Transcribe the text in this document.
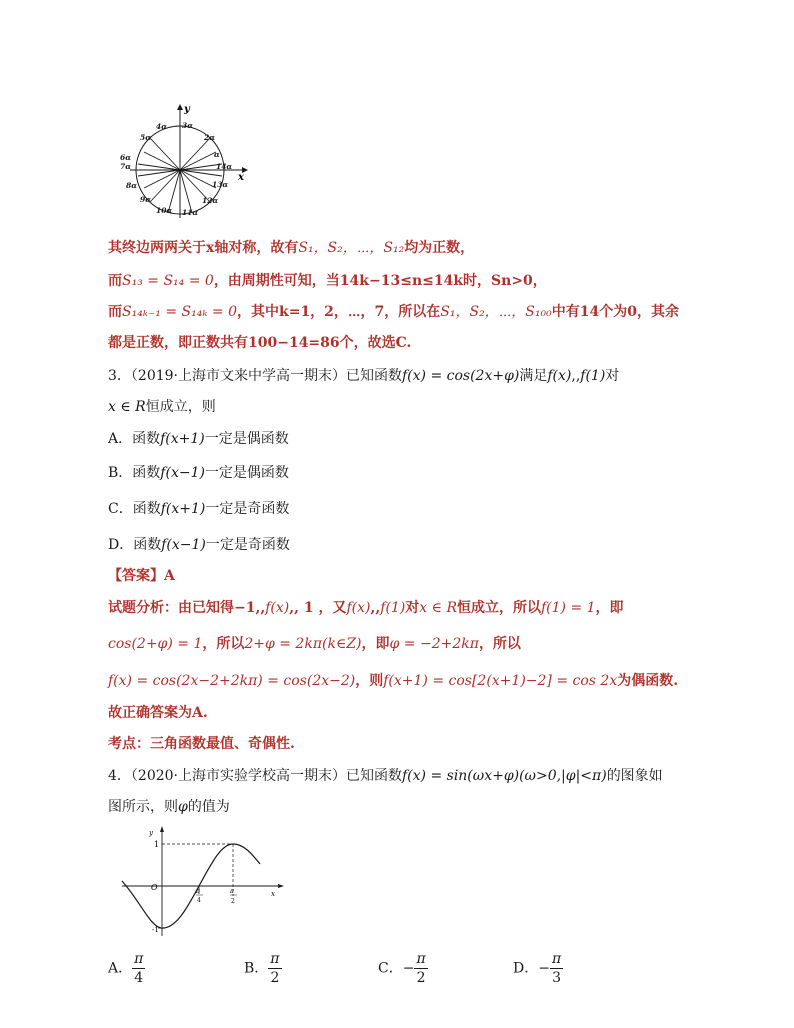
y
x
α
2α
3α
4α
5α
6α
7α
8α
9α
10α 11α
12α
13α
14α
其终边两两关于x轴对称，故有S₁，S₂，⋯，S₁₂均为正数，
而S₁₃ = S₁₄ = 0，由周期性可知，当14k−13≤n≤14k时，Sn>0，
而S₁₄ₖ₋₁ = S₁₄ₖ = 0，其中k=1，2，⋯，7，所以在S₁，S₂，⋯，S₁₀₀中有14个为0，其余
都是正数，即正数共有100−14=86个，故选C.
3．（2019·上海市文来中学高一期末）已知函数f(x) = cos(2x+φ)满足f(x),,f(1)对
x ∈ R恒成立，则
A．函数f(x+1)一定是偶函数
B．函数f(x−1)一定是偶函数
C．函数f(x+1)一定是奇函数
D．函数f(x−1)一定是奇函数
【答案】A
试题分析：由已知得−1,,f(x),, 1 ，又f(x),,f(1)对x ∈ R恒成立，所以f(1) = 1，即
cos(2+φ) = 1，所以2+φ = 2kπ(k∈Z)，即φ = −2+2kπ，所以
f(x) = cos(2x−2+2kπ) = cos(2x−2)，则f(x+1) = cos[2(x+1)−2] = cos 2x为偶函数.
故正确答案为A.
考点：三角函数最值、奇偶性.
4．（2020·上海市实验学校高一期末）已知函数f(x) = sin(ωx+φ)(ω>0,|φ|<π)的图象如
图所示，则φ的值为
y
x
O
1
-1
π
4
π
2
A． $\frac{\pi}{4}$	B． $\frac{\pi}{2}$	C．− $\frac{\pi}{2}$	D．− $\frac{\pi}{3}$
